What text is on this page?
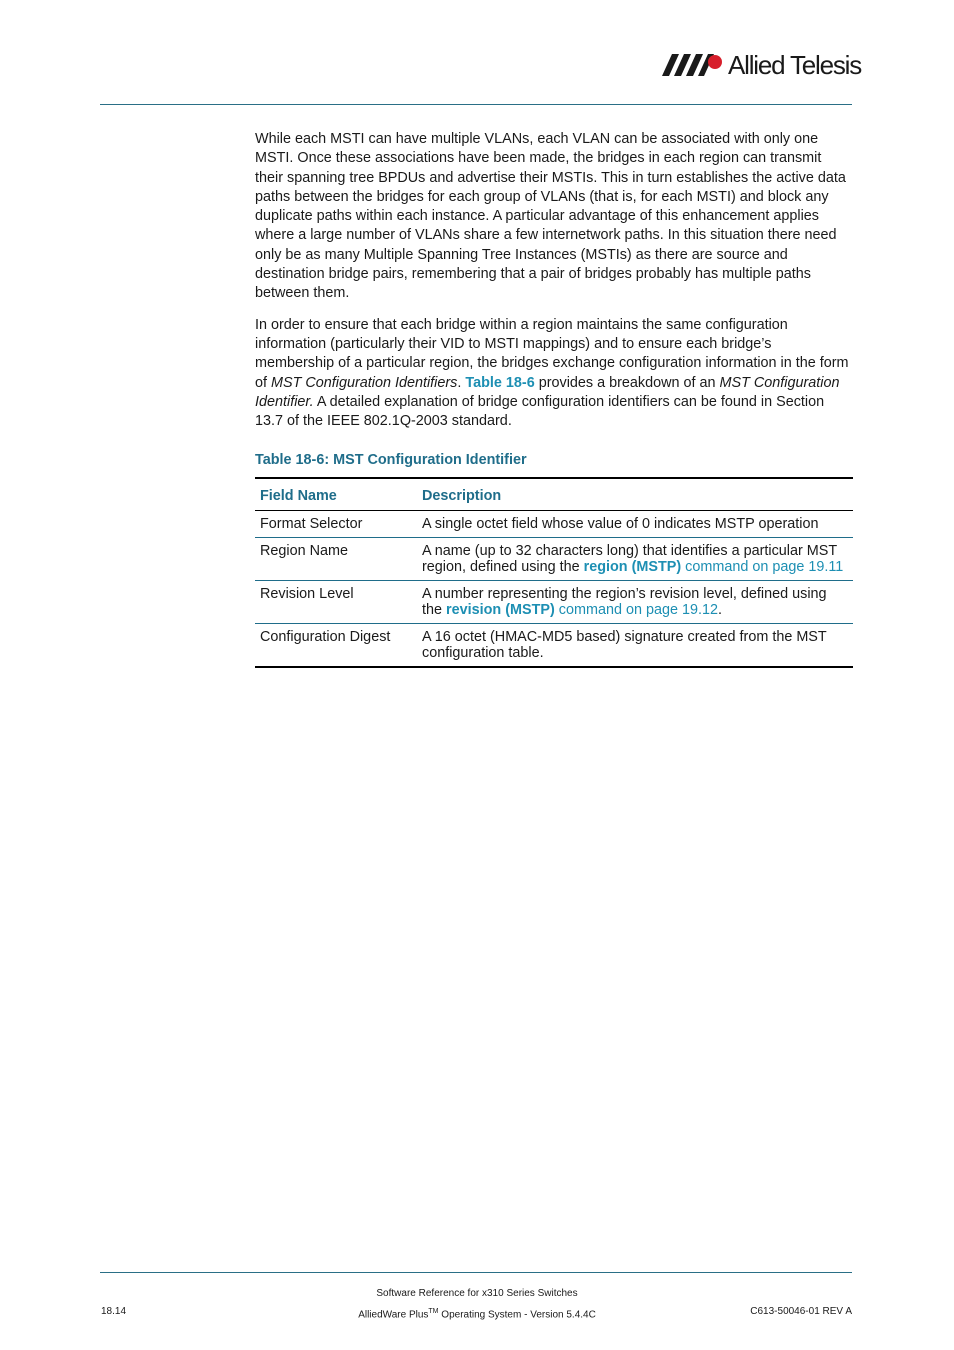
Allied Telesis

While each MSTI can have multiple VLANs, each VLAN can be associated with only one MSTI. Once these associations have been made, the bridges in each region can transmit their spanning tree BPDUs and advertise their MSTIs. This in turn establishes the active data paths between the bridges for each group of VLANs (that is, for each MSTI) and block any duplicate paths within each instance. A particular advantage of this enhancement applies where a large number of VLANs share a few internetwork paths. In this situation there need only be as many Multiple Spanning Tree Instances (MSTIs) as there are source and destination bridge pairs, remembering that a pair of bridges probably has multiple paths between them.

In order to ensure that each bridge within a region maintains the same configuration information (particularly their VID to MSTI mappings) and to ensure each bridge’s membership of a particular region, the bridges exchange configuration information in the form of MST Configuration Identifiers. Table 18-6 provides a breakdown of an MST Configuration Identifier. A detailed explanation of bridge configuration identifiers can be found in Section 13.7 of the IEEE 802.1Q-2003 standard.

Table 18-6: MST Configuration Identifier
Field Name	Description
Format Selector	A single octet field whose value of 0 indicates MSTP operation
Region Name	A name (up to 32 characters long) that identifies a particular MST region, defined using the region (MSTP) command on page 19.11
Revision Level	A number representing the region’s revision level, defined using the revision (MSTP) command on page 19.12.
Configuration Digest	A 16 octet (HMAC-MD5 based) signature created from the MST configuration table.
Software Reference for x310 Series Switches
AlliedWare Plus™ Operating System - Version 5.4.4C
18.14	C613-50046-01 REV A
